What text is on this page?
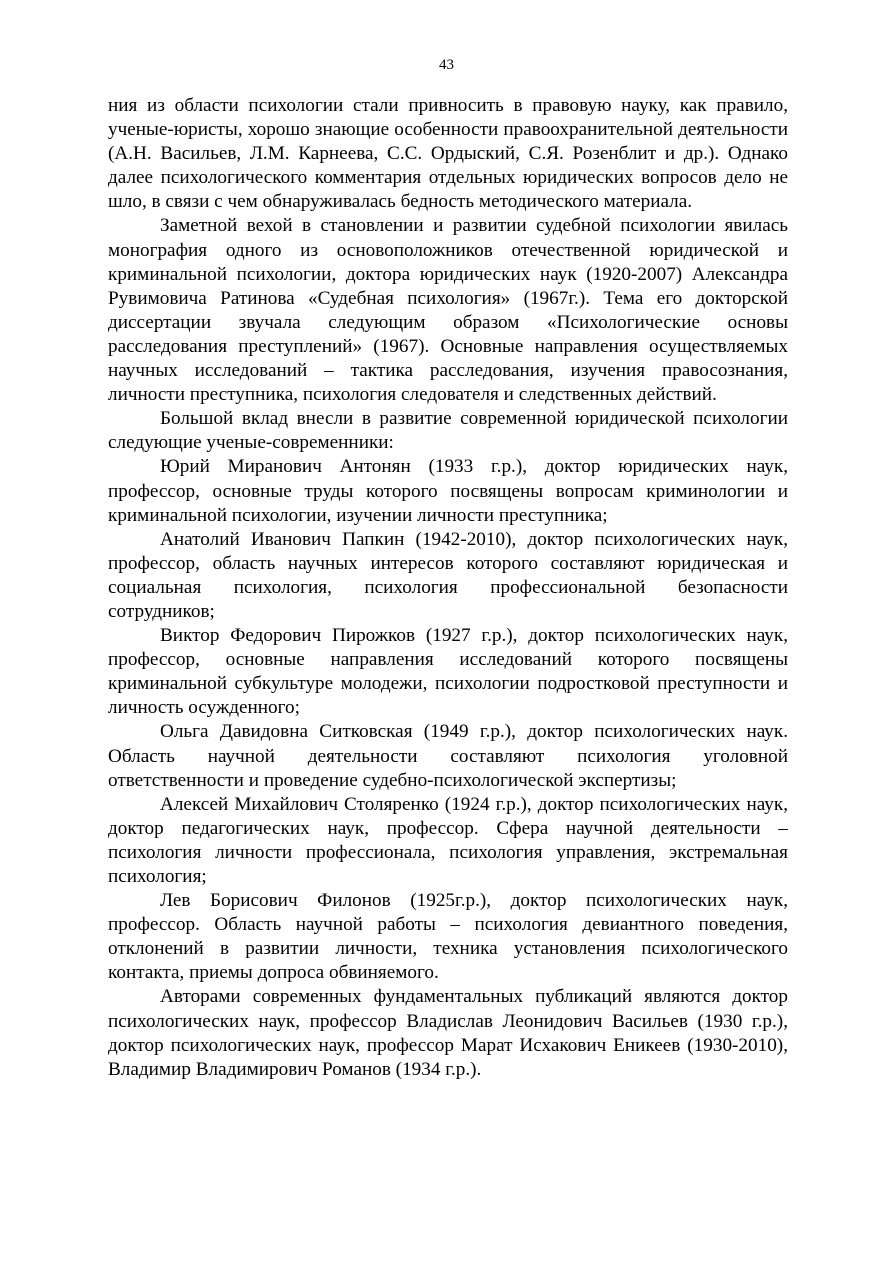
43

ния из области психологии стали привносить в правовую науку, как правило, ученые-юристы, хорошо знающие особенности правоохранительной деятельности (А.Н. Васильев, Л.М. Карнеева, С.С. Ордыский, С.Я. Розенблит и др.). Однако далее психологического комментария отдельных юридических вопросов дело не шло, в связи с чем обнаруживалась бедность методического материала.

Заметной вехой в становлении и развитии судебной психологии явилась монография одного из основоположников отечественной юридической и криминальной психологии, доктора юридических наук (1920-2007) Александра Рувимовича Ратинова «Судебная психология» (1967г.). Тема его докторской диссертации звучала следующим образом «Психологические основы расследования преступлений» (1967). Основные направления осуществляемых научных исследований – тактика расследования, изучения правосознания, личности преступника, психология следователя и следственных действий.

Большой вклад внесли в развитие современной юридической психологии следующие ученые-современники:

Юрий Миранович Антонян (1933 г.р.), доктор юридических наук, профессор, основные труды которого посвящены вопросам криминологии и криминальной психологии, изучении личности преступника;

Анатолий Иванович Папкин (1942-2010), доктор психологических наук, профессор, область научных интересов которого составляют юридическая и социальная психология, психология профессиональной безопасности сотрудников;

Виктор Федорович Пирожков (1927 г.р.), доктор психологических наук, профессор, основные направления исследований которого посвящены криминальной субкультуре молодежи, психологии подростковой преступности и личность осужденного;

Ольга Давидовна Ситковская (1949 г.р.), доктор психологических наук. Область научной деятельности составляют психология уголовной ответственности и проведение судебно-психологической экспертизы;

Алексей Михайлович Столяренко (1924 г.р.), доктор психологических наук, доктор педагогических наук, профессор. Сфера научной деятельности – психология личности профессионала, психология управления, экстремальная психология;

Лев Борисович Филонов (1925г.р.), доктор психологических наук, профессор. Область научной работы – психология девиантного поведения, отклонений в развитии личности, техника установления психологического контакта, приемы допроса обвиняемого.

Авторами современных фундаментальных публикаций являются доктор психологических наук, профессор Владислав Леонидович Васильев (1930 г.р.), доктор психологических наук, профессор Марат Исхакович Еникеев (1930-2010), Владимир Владимирович Романов (1934 г.р.).
